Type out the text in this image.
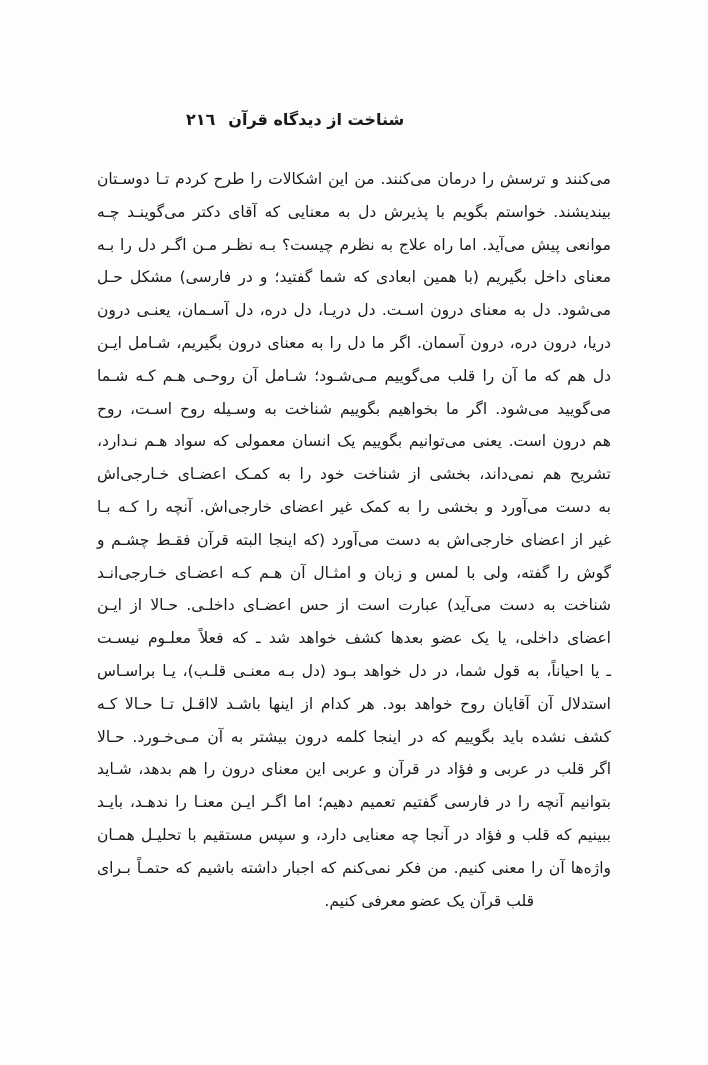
٢١٦ شناخت از دیدگاه قرآن
می‌کنند و ترسش را درمان می‌کنند. من این اشکالات را طرح کردم تـا دوسـتان
بیندیشند. خواستم بگویم با پذیرش دل به معنایی که آقای دکتر می‌گوینـد چـه
موانعی پیش می‌آید. اما راه علاج به نظرم چیست؟ بـه نظـر مـن اگـر دل را بـه
معنای داخل بگیریم (با همین ابعادی که شما گفتید؛ و در فارسی) مشکل حـل
می‌شود. دل به معنای درون اسـت. دل دریـا، دل دره، دل آسـمان، یعنـی درون
دریا، درون دره، درون آسمان. اگر ما دل را به معنای درون بگیریم، شـامل ایـن
دل هم که ما آن را قلب می‌گوییم مـی‌شـود؛ شـامل آن روحـی هـم کـه شـما
می‌گویید می‌شود. اگر ما بخواهیم بگوییم شناخت به وسـیله روح اسـت، روح
هم درون است. یعنی می‌توانیم بگوییم یک انسان معمولی که سواد هـم نـدارد،
تشریح هم نمی‌داند، بخشی از شناخت خود را به کمـک اعضـای خـارجی‌اش
به دست می‌آورد و بخشی را به کمک غیر اعضای خارجی‌اش. آنچه را کـه بـا
غیر از اعضای خارجی‌اش به دست می‌آورد (که اینجا البته قرآن فقـط چشـم و
گوش را گفته، ولی با لمس و زبان و امثـال آن هـم کـه اعضـای خـارجی‌انـد
شناخت به دست می‌آید) عبارت است از حس اعضـای داخلـی. حـالا از ایـن
اعضای داخلی، یا یک عضو بعدها کشف خواهد شد ـ که فعلاً معلـوم نیسـت
ـ یا احیاناً، به قول شما، در دل خواهد بـود (دل بـه معنـی قلـب)، یـا براسـاس
استدلال آن آقایان روح خواهد بود. هر کدام از اینها باشـد لااقـل تـا حـالا کـه
کشف نشده باید بگوییم که در اینجا کلمه درون بیشتر به آن مـی‌خـورد. حـالا
اگر قلب در عربی و فؤاد در قرآن و عربی این معنای درون را هم بدهد، شـاید
بتوانیم آنچه را در فارسی گفتیم تعمیم دهیم؛ اما اگـر ایـن معنـا را ندهـد، بایـد
ببینیم که قلب و فؤاد در آنجا چه معنایی دارد، و سپس مستقیم با تحلیـل همـان
واژه‌ها آن را معنی کنیم. من فکر نمی‌کنم که اجبار داشته باشیم که حتمـاً بـرای
قلب قرآن یک عضو معرفی کنیم.
